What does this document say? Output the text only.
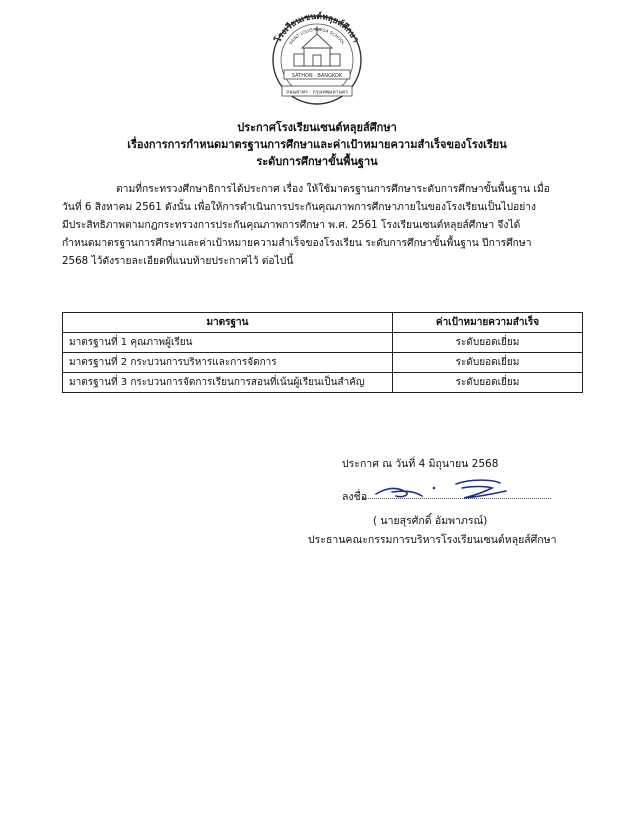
โรงเรียนเซนต์หลุยส์ศึกษา
SAINT LOUIS SUKSA SCHOOL
SATHON · BANGKOK
ถนนสาทร · กรุงเทพมหานคร
ประกาศโรงเรียนเซนต์หลุยส์ศึกษา
เรื่องการการกำหนดมาตรฐานการศึกษาและค่าเป้าหมายความสำเร็จของโรงเรียน
ระดับการศึกษาขั้นพื้นฐาน
ตามที่กระทรวงศึกษาธิการได้ประกาศ เรื่อง ให้ใช้มาตรฐานการศึกษาระดับการศึกษาขั้นพื้นฐาน เมื่อ
วันที่ 6 สิงหาคม 2561 ดังนั้น เพื่อให้การดำเนินการประกันคุณภาพการศึกษาภายในของโรงเรียนเป็นไปอย่าง
มีประสิทธิภาพตามกฎกระทรวงการประกันคุณภาพการศึกษา พ.ศ. 2561 โรงเรียนเซนต์หลุยส์ศึกษา จึงได้
กำหนดมาตรฐานการศึกษาและค่าเป้าหมายความสำเร็จของโรงเรียน ระดับการศึกษาขั้นพื้นฐาน ปีการศึกษา
2568 ไว้ดังรายละเอียดที่แนบท้ายประกาศไว้ ต่อไปนี้
มาตรฐาน	ค่าเป้าหมายความสำเร็จ
มาตรฐานที่ 1 คุณภาพผู้เรียน	ระดับยอดเยี่ยม
มาตรฐานที่ 2 กระบวนการบริหารและการจัดการ	ระดับยอดเยี่ยม
มาตรฐานที่ 3 กระบวนการจัดการเรียนการสอนที่เน้นผู้เรียนเป็นสำคัญ	ระดับยอดเยี่ยม
ประกาศ ณ วันที่ 4 มิถุนายน 2568
ลงชื่อ
( นายสุรศักดิ์ อัมพาภรณ์)
ประธานคณะกรรมการบริหารโรงเรียนเซนต์หลุยส์ศึกษา
